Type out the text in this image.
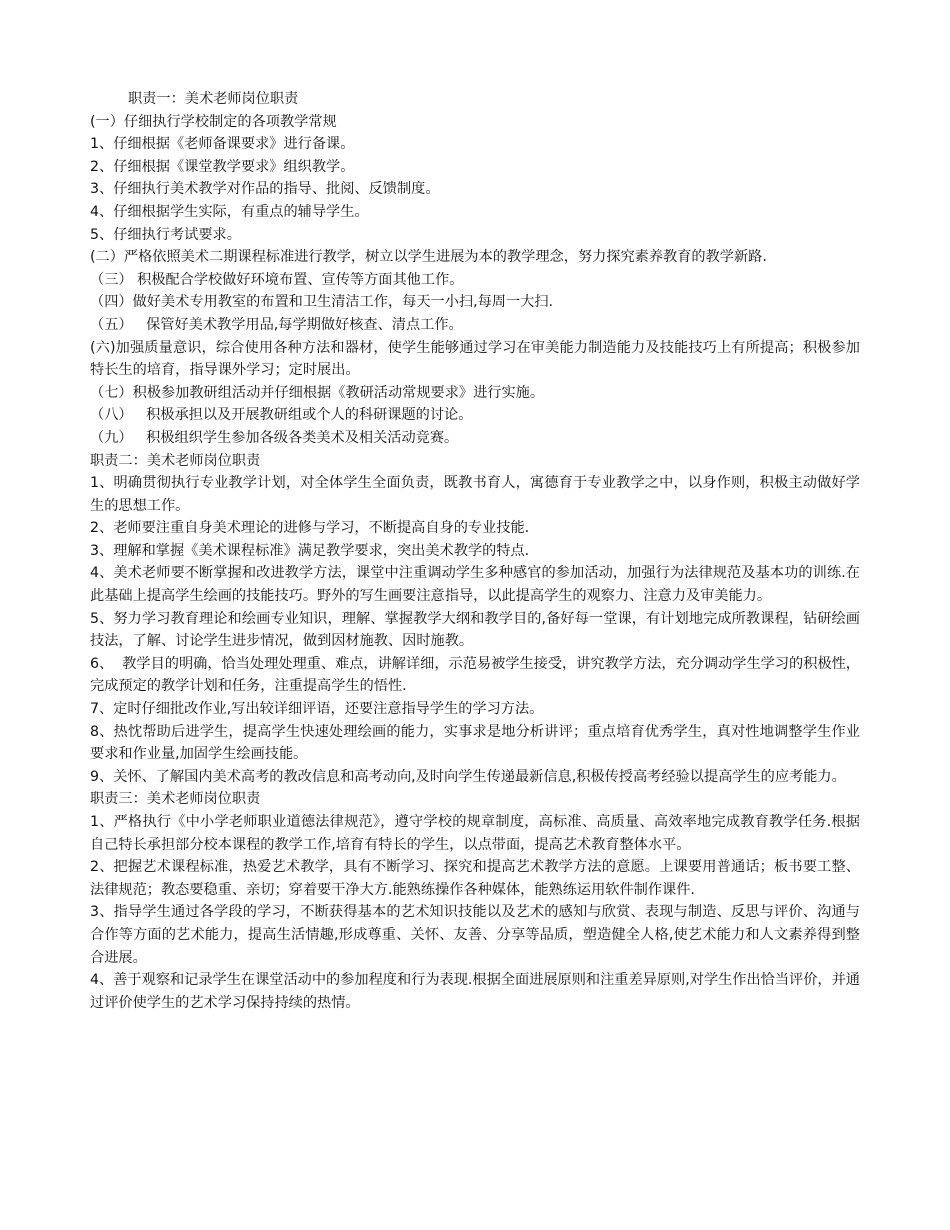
职责一：美术老师岗位职责

(一）仔细执行学校制定的各项教学常规

1、仔细根据《老师备课要求》进行备课。

2、仔细根据《课堂教学要求》组织教学。

3、仔细执行美术教学对作品的指导、批阅、反馈制度。

4、仔细根据学生实际，有重点的辅导学生。

5、仔细执行考试要求。

(二）严格依照美术二期课程标准进行教学，树立以学生进展为本的教学理念，努力探究素养教育的教学新路.

（三） 积极配合学校做好环境布置、宣传等方面其他工作。

（四）做好美术专用教室的布置和卫生清洁工作，每天一小扫,每周一大扫.

（五）   保管好美术教学用品,每学期做好核查、清点工作。

(六)加强质量意识，综合使用各种方法和器材，使学生能够通过学习在审美能力制造能力及技能技巧上有所提高；积极参加特长生的培育，指导课外学习；定时展出。

（七）积极参加教研组活动并仔细根据《教研活动常规要求》进行实施。

（八）   积极承担以及开展教研组或个人的科研课题的讨论。

（九）   积极组织学生参加各级各类美术及相关活动竞赛。

职责二：美术老师岗位职责

1、明确贯彻执行专业教学计划，对全体学生全面负责，既教书育人，寓德育于专业教学之中，以身作则，积极主动做好学生的思想工作。

2、老师要注重自身美术理论的进修与学习，不断提高自身的专业技能.

3、理解和掌握《美术课程标准》满足教学要求，突出美术教学的特点.

4、美术老师要不断掌握和改进教学方法，课堂中注重调动学生多种感官的参加活动，加强行为法律规范及基本功的训练.在此基础上提高学生绘画的技能技巧。野外的写生画要注意指导，以此提高学生的观察力、注意力及审美能力。

5、努力学习教育理论和绘画专业知识，理解、掌握教学大纲和教学目的,备好每一堂课，有计划地完成所教课程，钻研绘画技法，了解、讨论学生进步情况，做到因材施教、因时施教。

6、  教学目的明确，恰当处理处理重、难点，讲解详细，示范易被学生接受，讲究教学方法，充分调动学生学习的积极性，完成预定的教学计划和任务，注重提高学生的悟性.

7、定时仔细批改作业,写出较详细评语，还要注意指导学生的学习方法。

8、热忱帮助后进学生，提高学生快速处理绘画的能力，实事求是地分析讲评；重点培育优秀学生，真对性地调整学生作业要求和作业量,加固学生绘画技能。

9、关怀、了解国内美术高考的教改信息和高考动向,及时向学生传递最新信息,积极传授高考经验以提高学生的应考能力。

职责三：美术老师岗位职责

1、严格执行《中小学老师职业道德法律规范》，遵守学校的规章制度，高标准、高质量、高效率地完成教育教学任务.根据自己特长承担部分校本课程的教学工作,培育有特长的学生，以点带面，提高艺术教育整体水平。

2、把握艺术课程标准，热爱艺术教学，具有不断学习、探究和提高艺术教学方法的意愿。上课要用普通话；板书要工整、法律规范；教态要稳重、亲切；穿着要干净大方.能熟练操作各种媒体，能熟练运用软件制作课件.

3、指导学生通过各学段的学习，不断获得基本的艺术知识技能以及艺术的感知与欣赏、表现与制造、反思与评价、沟通与合作等方面的艺术能力，提高生活情趣,形成尊重、关怀、友善、分享等品质，塑造健全人格,使艺术能力和人文素养得到整合进展。

4、善于观察和记录学生在课堂活动中的参加程度和行为表现.根据全面进展原则和注重差异原则,对学生作出恰当评价，并通过评价使学生的艺术学习保持持续的热情。
